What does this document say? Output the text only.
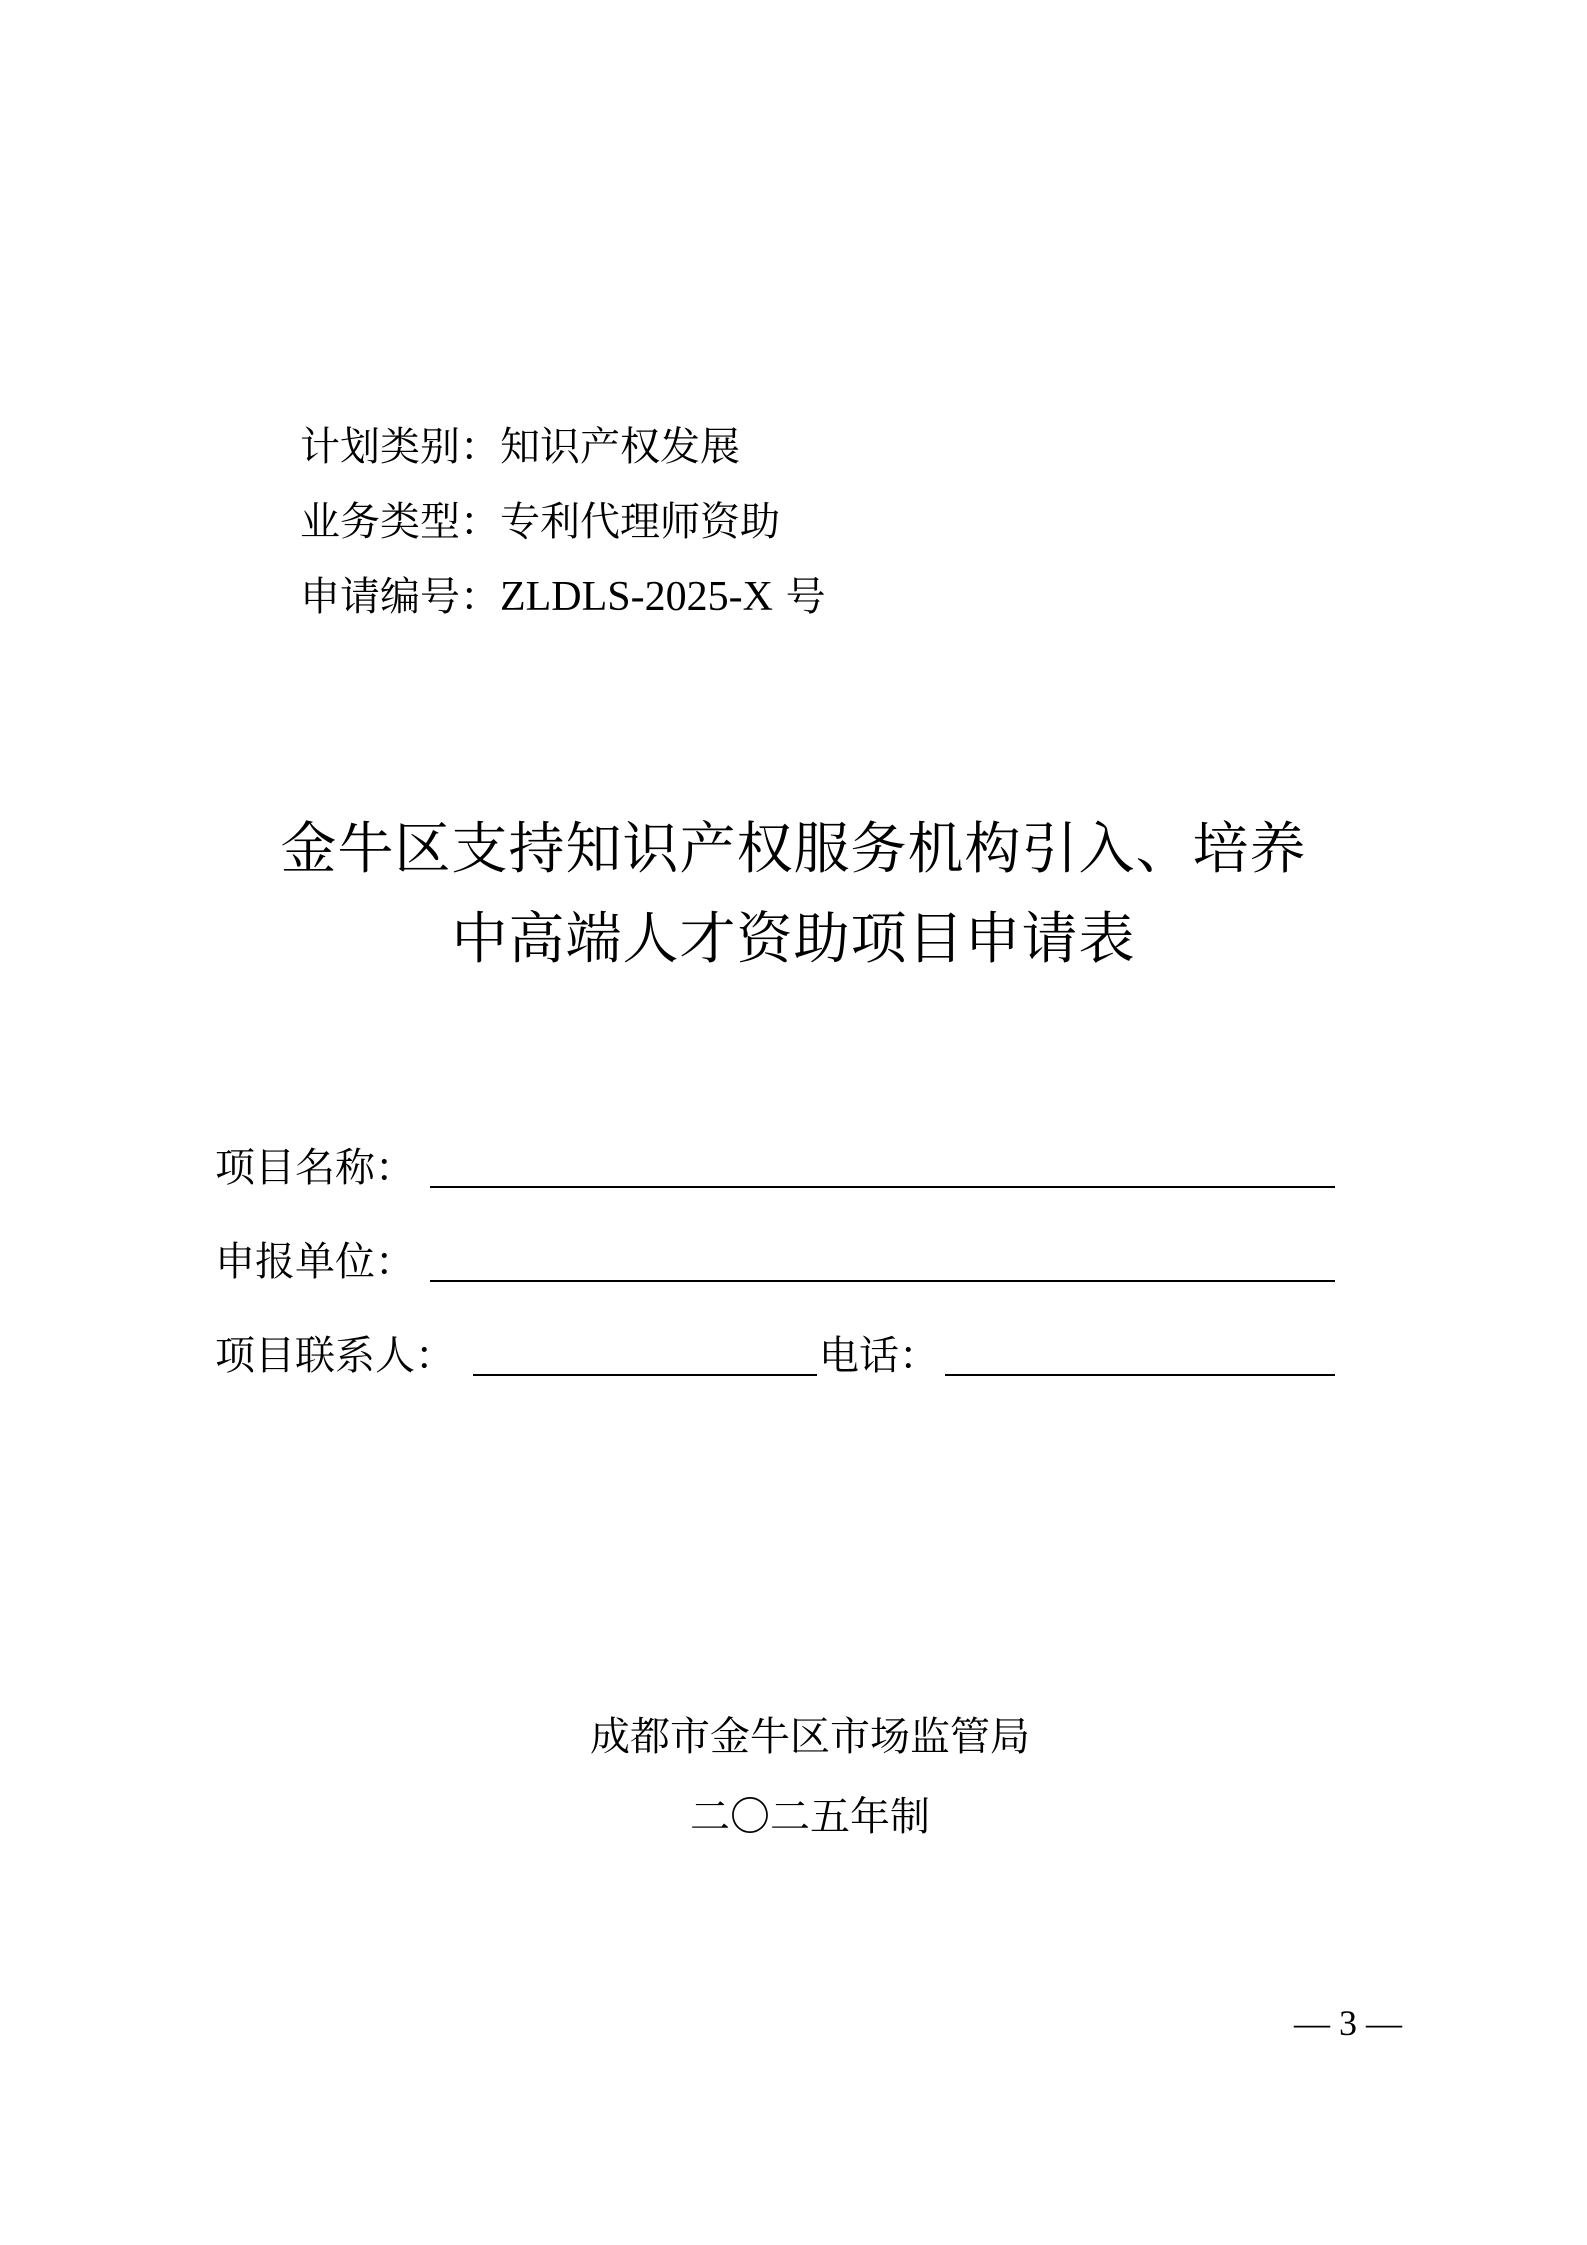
计划类别：知识产权发展
业务类型：专利代理师资助
申请编号：ZLDLS-2025-X 号
金牛区支持知识产权服务机构引入、培养
中高端人才资助项目申请表
项目名称：
申报单位：
项目联系人：	电话：
成都市金牛区市场监管局
二〇二五年制
— 3 —
